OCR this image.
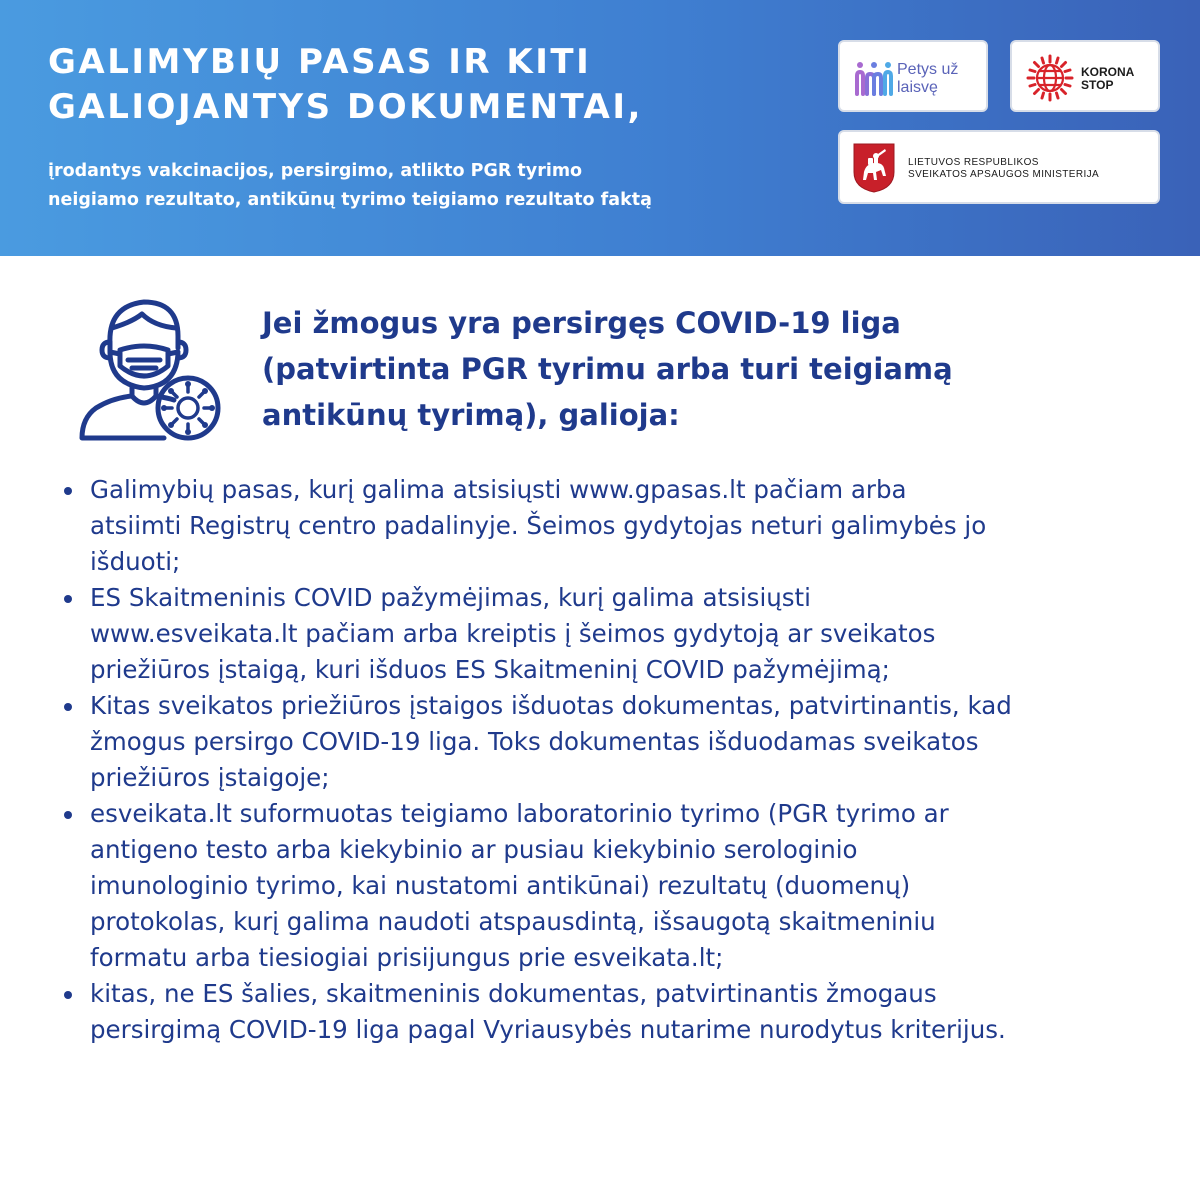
GALIMYBIŲ PASAS IR KITI
GALIOJANTYS DOKUMENTAI,
įrodantys vakcinacijos, persirgimo, atlikto PGR tyrimo
neigiamo rezultato, antikūnų tyrimo teigiamo rezultato faktą
Petys už
laisvę
KORONA
STOP
LIETUVOS RESPUBLIKOS
SVEIKATOS APSAUGOS MINISTERIJA
Jei žmogus yra persirgęs COVID-19 liga
(patvirtinta PGR tyrimu arba turi teigiamą
antikūnų tyrimą), galioja:
Galimybių pasas, kurį galima atsisiųsti www.gpasas.lt pačiam arba
atsiimti Registrų centro padalinyje. Šeimos gydytojas neturi galimybės jo
išduoti;
ES Skaitmeninis COVID pažymėjimas, kurį galima atsisiųsti
www.esveikata.lt pačiam arba kreiptis į šeimos gydytoją ar sveikatos
priežiūros įstaigą, kuri išduos ES Skaitmeninį COVID pažymėjimą;
Kitas sveikatos priežiūros įstaigos išduotas dokumentas, patvirtinantis, kad
žmogus persirgo COVID-19 liga. Toks dokumentas išduodamas sveikatos
priežiūros įstaigoje;
esveikata.lt suformuotas teigiamo laboratorinio tyrimo (PGR tyrimo ar
antigeno testo arba kiekybinio ar pusiau kiekybinio serologinio
imunologinio tyrimo, kai nustatomi antikūnai) rezultatų (duomenų)
protokolas, kurį galima naudoti atspausdintą, išsaugotą skaitmeniniu
formatu arba tiesiogiai prisijungus prie esveikata.lt;
kitas, ne ES šalies, skaitmeninis dokumentas, patvirtinantis žmogaus
persirgimą COVID-19 liga pagal Vyriausybės nutarime nurodytus kriterijus.
